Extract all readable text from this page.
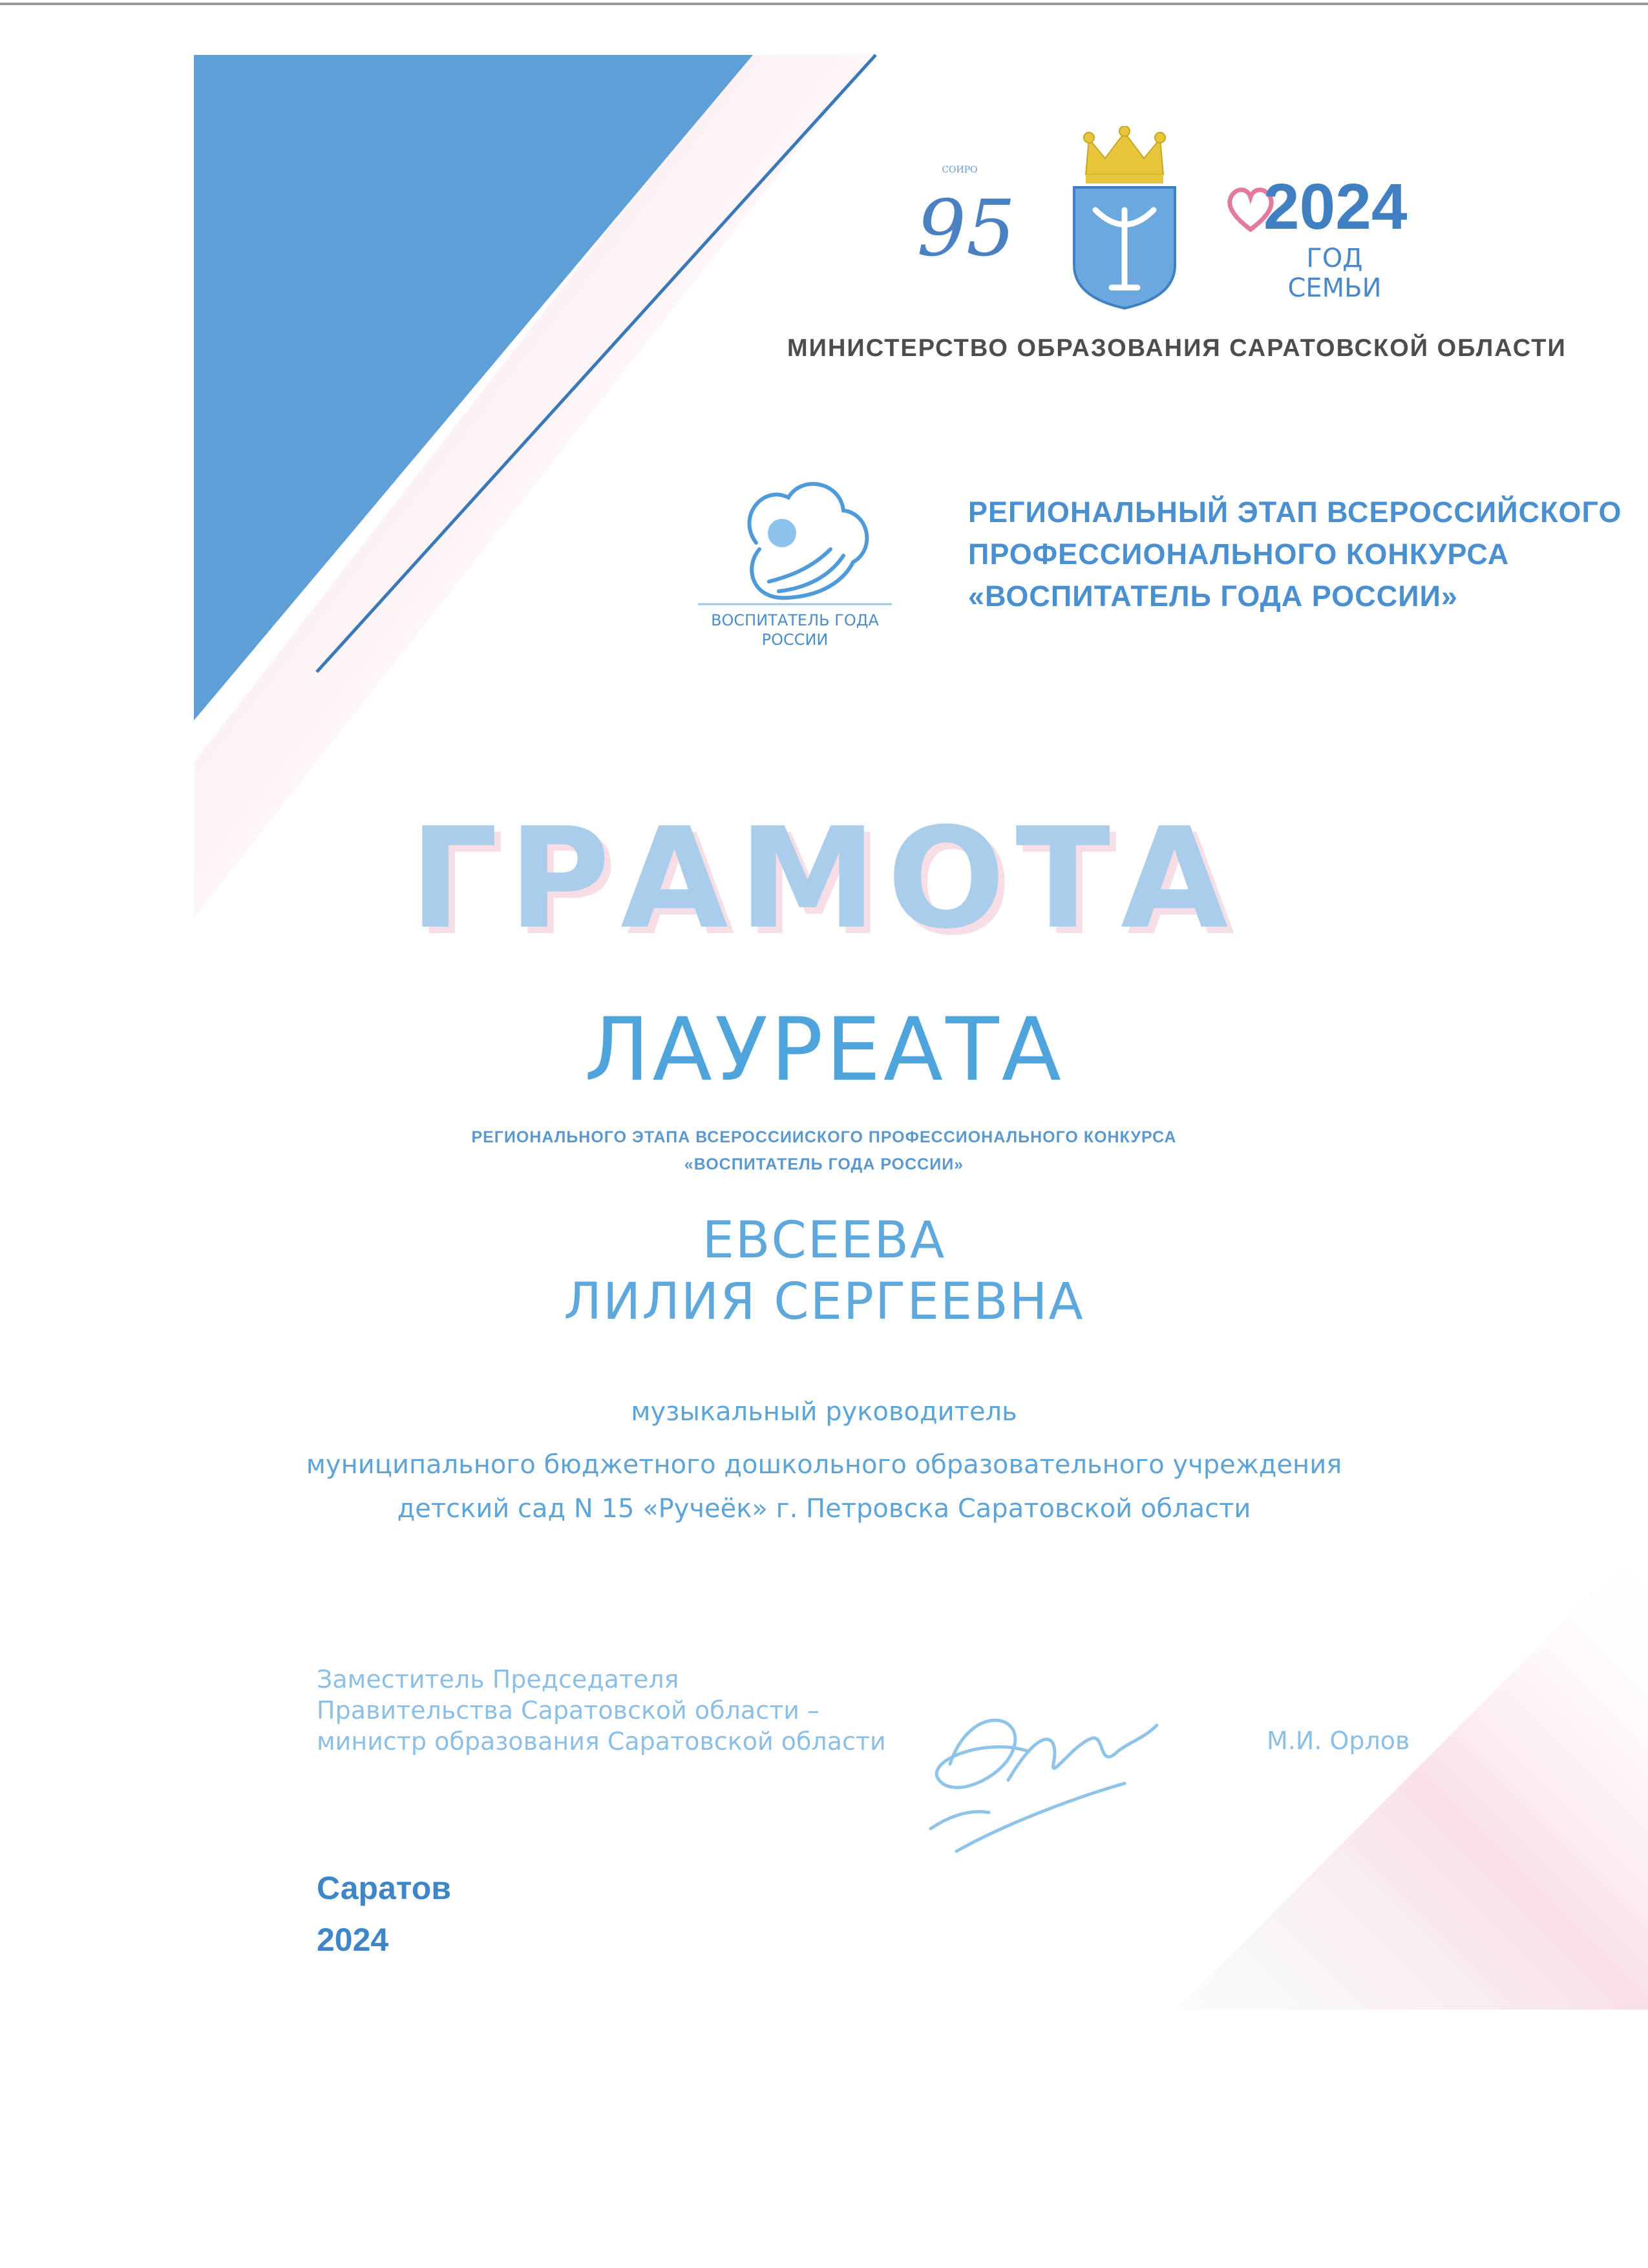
СОИРО
95	2024
ГОД СЕМЬИ
МИНИСТЕРСТВО ОБРАЗОВАНИЯ САРАТОВСКОЙ ОБЛАСТИ
ВОСПИТАТЕЛЬ ГОДА
РОССИИ
РЕГИОНАЛЬНЫЙ ЭТАП ВСЕРОССИЙСКОГО
ПРОФЕССИОНАЛЬНОГО КОНКУРСА
«ВОСПИТАТЕЛЬ ГОДА РОССИИ»
ГРАМОТА
ЛАУРЕАТА
РЕГИОНАЛЬНОГО ЭТАПА ВСЕРОССИИСКОГО ПРОФЕССИОНАЛЬНОГО КОНКУРСА
«ВОСПИТАТЕЛЬ ГОДА РОССИИ»
ЕВСЕЕВА
ЛИЛИЯ СЕРГЕЕВНА
музыкальный руководитель
муниципального бюджетного дошкольного образовательного учреждения
детский сад N 15 «Ручеёк» г. Петровска Саратовской области
Заместитель Председателя
Правительства Саратовской области –
министр образования Саратовской области	М.И. Орлов
Саратов
2024
